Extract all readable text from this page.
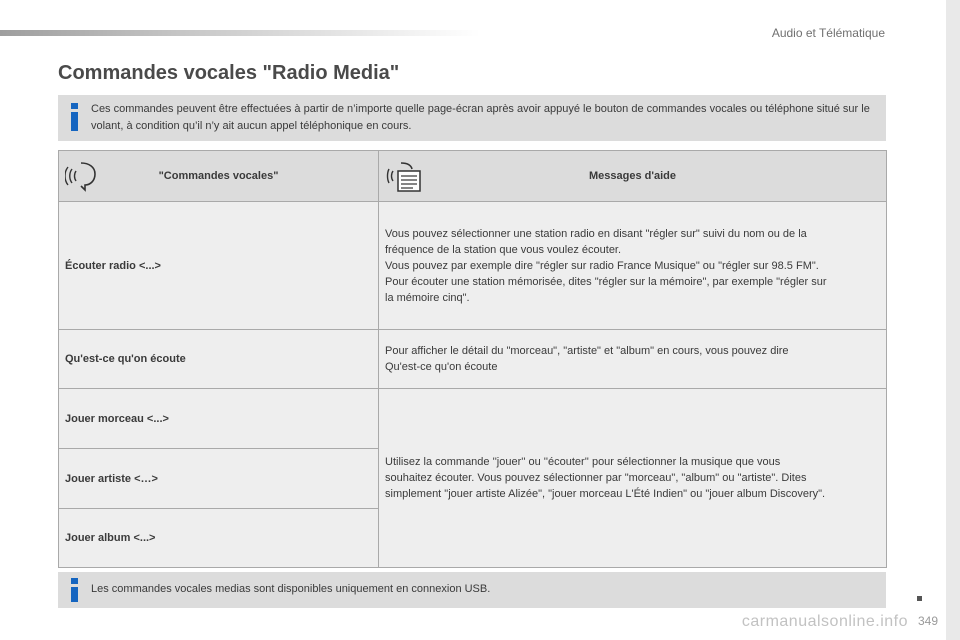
Audio et Télématique
Commandes vocales "Radio Media"
Ces commandes peuvent être effectuées à partir de n’importe quelle page-écran après avoir appuyé le bouton de commandes vocales ou téléphone situé sur le volant, à condition qu’il n’y ait aucun appel téléphonique en cours.
"Commandes vocales"	Messages d'aide

Écouter radio <...>	Vous pouvez sélectionner une station radio en disant "régler sur" suivi du nom ou de la
fréquence de la station que vous voulez écouter.
Vous pouvez par exemple dire "régler sur radio France Musique" ou "régler sur 98.5 FM".
Pour écouter une station mémorisée, dites "régler sur la mémoire", par exemple "régler sur
la mémoire cinq".

Qu'est-ce qu'on écoute	Pour afficher le détail du "morceau", "artiste" et "album" en cours, vous pouvez dire
Qu'est-ce qu'on écoute

Jouer morceau <...>	Utilisez la commande ''jouer'' ou ''écouter'' pour sélectionner la musique que vous
souhaitez écouter. Vous pouvez sélectionner par "morceau", "album" ou "artiste". Dites
simplement "jouer artiste Alizée", "jouer morceau L'Été Indien" ou "jouer album Discovery".

Jouer artiste <…>	
Jouer album <...>	
Les commandes vocales medias sont disponibles uniquement en connexion USB.
carmanualsonline.info 349
